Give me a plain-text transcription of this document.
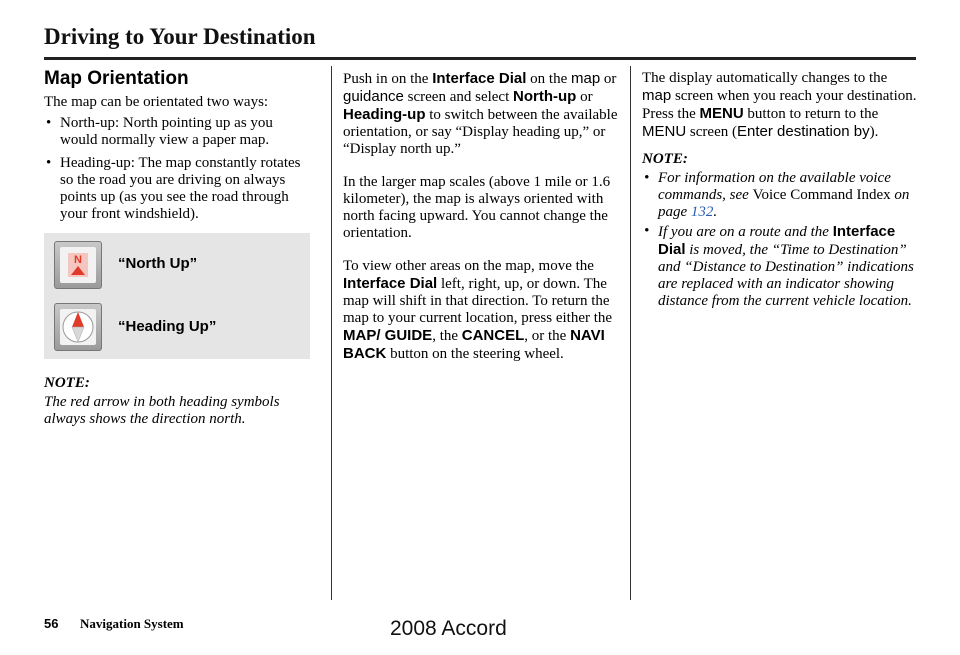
Driving to Your Destination
Map Orientation

The map can be orientated two ways:

• North-up: North pointing up as you would normally view a paper map.
• Heading-up: The map constantly rotates so the road you are driving on always points up (as you see the road through your front windshield).
N “North Up”
“Heading Up”

NOTE:

The red arrow in both heading symbols always shows the direction north.

Push in on the Interface Dial on the map or guidance screen and select North-up or Heading-up to switch between the available orientation, or say “Display heading up,” or “Display north up.”

In the larger map scales (above 1 mile or 1.6 kilometer), the map is always oriented with north facing upward. You cannot change the orientation.

To view other areas on the map, move the Interface Dial left, right, up, or down. The map will shift in that direction. To return the map to your current location, press either the MAP/ GUIDE, the CANCEL, or the NAVI BACK button on the steering wheel.

The display automatically changes to the map screen when you reach your destination. Press the MENU button to return to the MENU screen (Enter destination by).

NOTE:

• For information on the available voice commands, see Voice Command Index on page 132.
• If you are on a route and the Interface Dial is moved, the “Time to Destination” and “Distance to Destination” indications are replaced with an indicator showing distance from the current vehicle location.
56 Navigation System	2008 Accord
